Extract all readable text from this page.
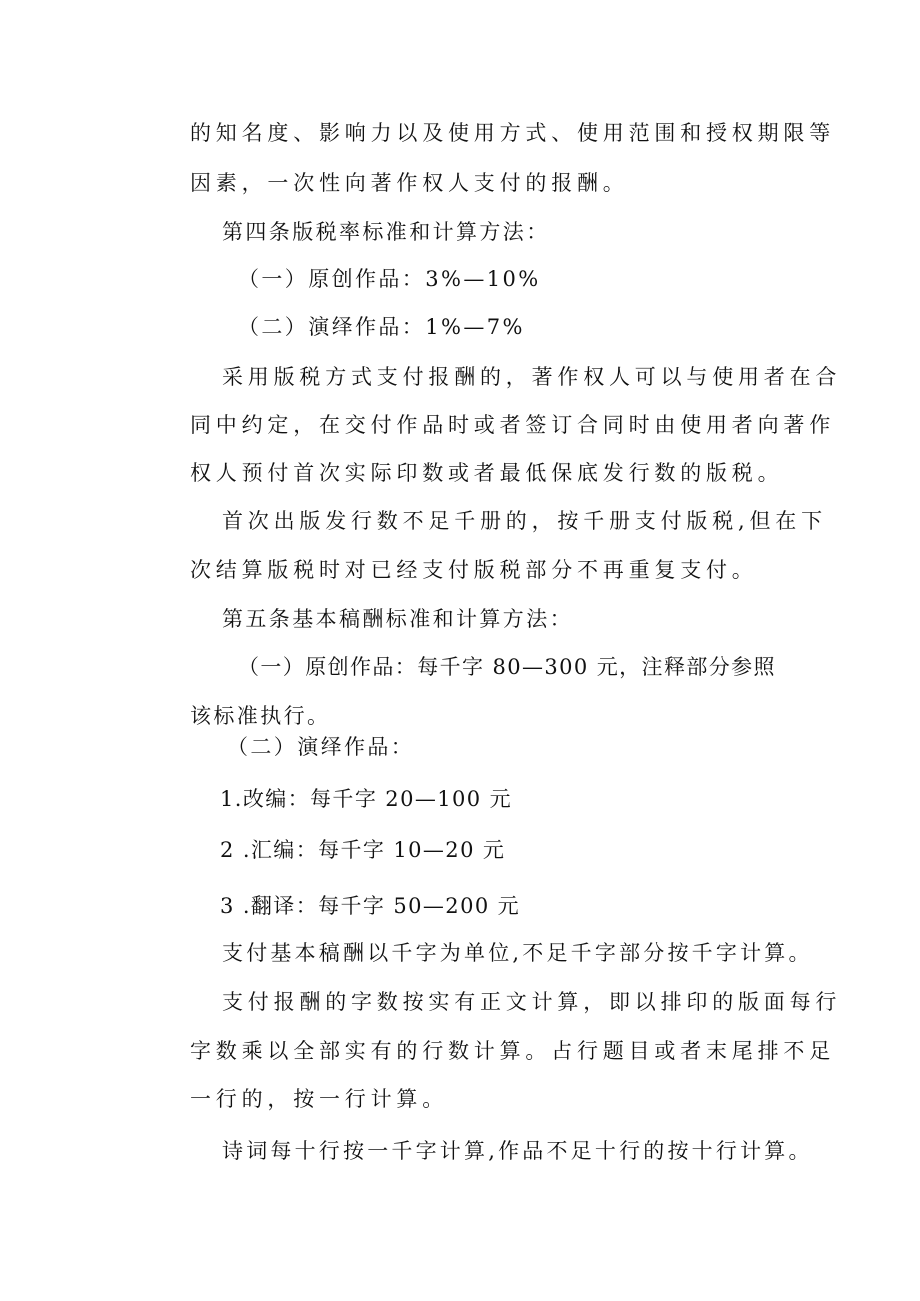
的知名度、影响力以及使用方式、使用范围和授权期限等
因素，一次性向著作权人支付的报酬。
第四条版税率标准和计算方法：
（一）原创作品：3%—10%
（二）演绎作品：1%—7%
采用版税方式支付报酬的，著作权人可以与使用者在合
同中约定，在交付作品时或者签订合同时由使用者向著作
权人预付首次实际印数或者最低保底发行数的版税。
首次出版发行数不足千册的，按千册支付版税,但在下
次结算版税时对已经支付版税部分不再重复支付。
第五条基本稿酬标准和计算方法：
（一）原创作品：每千字 80—300 元，注释部分参照
该标准执行。
（二）演绎作品：
1.改编：每千字 20—100 元
2 .汇编：每千字 10—20 元
3 .翻译：每千字 50—200 元
支付基本稿酬以千字为单位,不足千字部分按千字计算。
支付报酬的字数按实有正文计算，即以排印的版面每行
字数乘以全部实有的行数计算。占行题目或者末尾排不足
一行的，按一行计算。
诗词每十行按一千字计算,作品不足十行的按十行计算。
